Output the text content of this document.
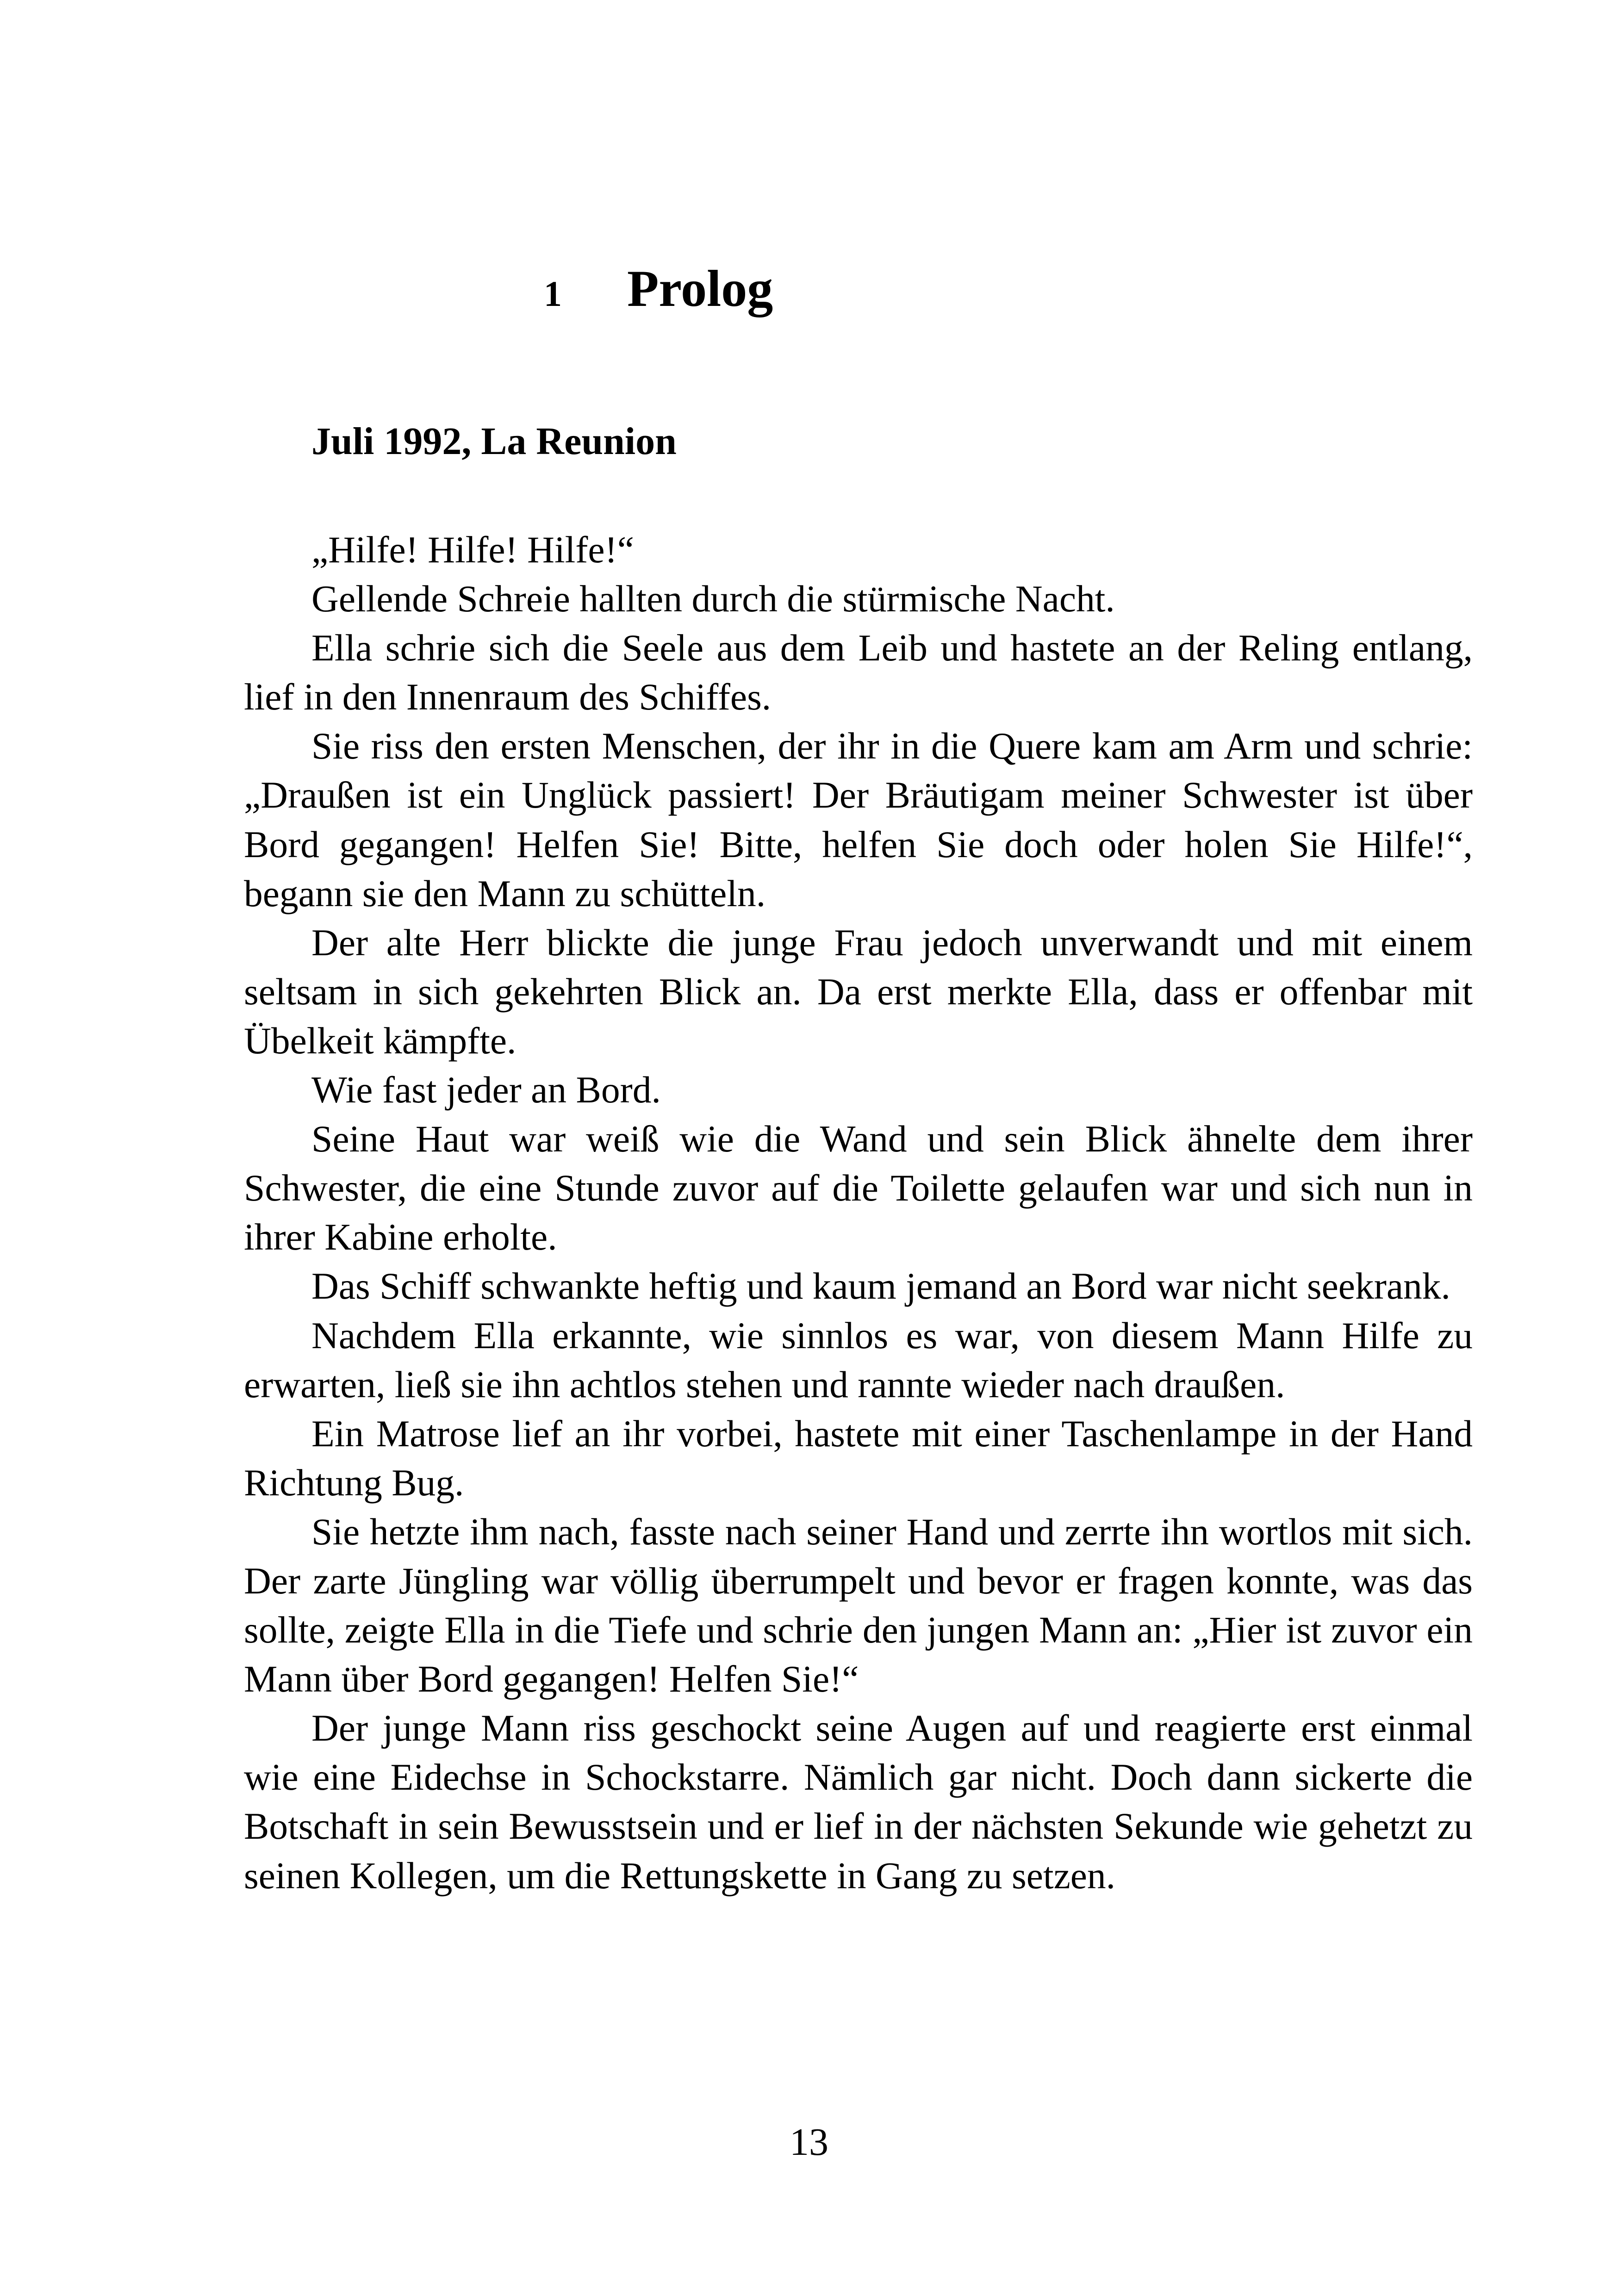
1 Prolog
Juli 1992, La Reunion

„Hilfe! Hilfe! Hilfe!“

Gellende Schreie hallten durch die stürmische Nacht.

Ella schrie sich die Seele aus dem Leib und hastete an der Reling entlang, lief in den Innenraum des Schiffes.

Sie riss den ersten Menschen, der ihr in die Quere kam am Arm und schrie: „Draußen ist ein Unglück passiert! Der Bräutigam meiner Schwester ist über Bord gegangen! Helfen Sie! Bitte, helfen Sie doch oder holen Sie Hilfe!“, begann sie den Mann zu schütteln.

Der alte Herr blickte die junge Frau jedoch unverwandt und mit einem seltsam in sich gekehrten Blick an. Da erst merkte Ella, dass er offenbar mit Übelkeit kämpfte.

Wie fast jeder an Bord.

Seine Haut war weiß wie die Wand und sein Blick ähnelte dem ihrer Schwester, die eine Stunde zuvor auf die Toilette gelaufen war und sich nun in ihrer Kabine erholte.

Das Schiff schwankte heftig und kaum jemand an Bord war nicht seekrank.

Nachdem Ella erkannte, wie sinnlos es war, von diesem Mann Hilfe zu erwarten, ließ sie ihn achtlos stehen und rannte wieder nach draußen.

Ein Matrose lief an ihr vorbei, hastete mit einer Taschenlampe in der Hand Richtung Bug.

Sie hetzte ihm nach, fasste nach seiner Hand und zerrte ihn wortlos mit sich. Der zarte Jüngling war völlig überrumpelt und bevor er fragen konnte, was das sollte, zeigte Ella in die Tiefe und schrie den jungen Mann an: „Hier ist zuvor ein Mann über Bord gegangen! Helfen Sie!“

Der junge Mann riss geschockt seine Augen auf und reagierte erst einmal wie eine Eidechse in Schockstarre. Nämlich gar nicht. Doch dann sickerte die Botschaft in sein Bewusstsein und er lief in der nächsten Sekunde wie gehetzt zu seinen Kollegen, um die Rettungskette in Gang zu setzen.

13
